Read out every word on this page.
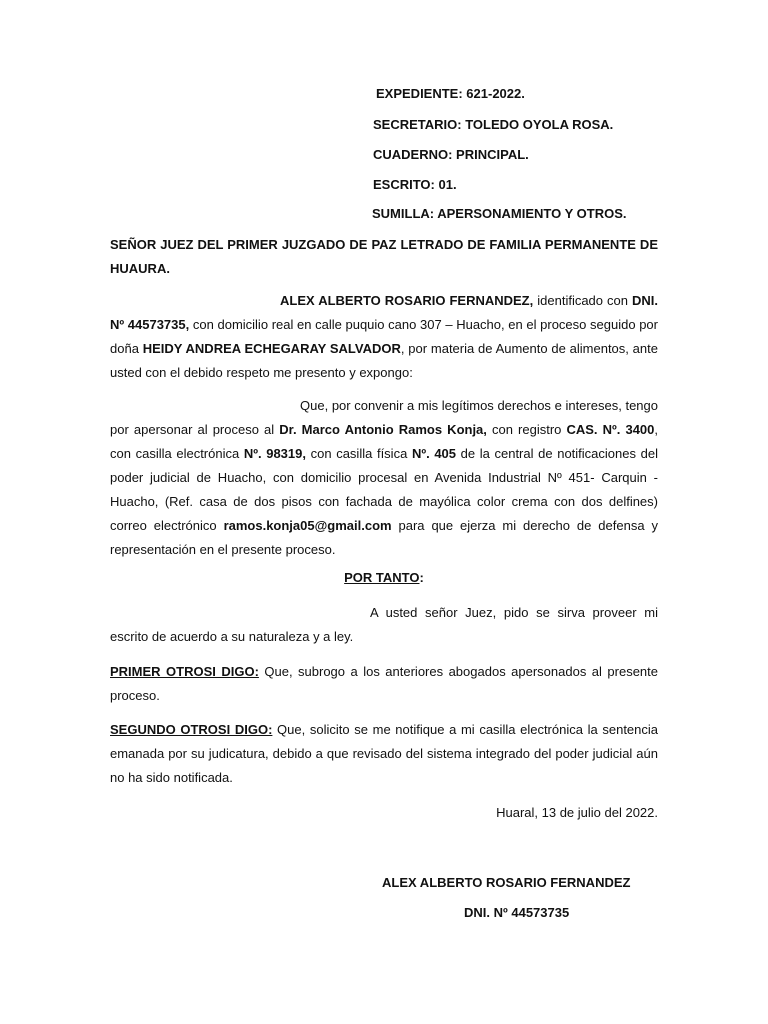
EXPEDIENTE: 621-2022.
SECRETARIO: TOLEDO OYOLA ROSA.
CUADERNO: PRINCIPAL.
ESCRITO: 01.
SUMILLA: APERSONAMIENTO Y OTROS.
SEÑOR JUEZ DEL PRIMER JUZGADO DE PAZ LETRADO DE FAMILIA PERMANENTE DE HUAURA.
ALEX ALBERTO ROSARIO FERNANDEZ, identificado con DNI. Nº 44573735, con domicilio real en calle puquio cano 307 – Huacho, en el proceso seguido por doña HEIDY ANDREA ECHEGARAY SALVADOR, por materia de Aumento de alimentos, ante usted con el debido respeto me presento y expongo:
Que, por convenir a mis legítimos derechos e intereses, tengo por apersonar al proceso al Dr. Marco Antonio Ramos Konja, con registro CAS. Nº. 3400, con casilla electrónica Nº. 98319, con casilla física Nº. 405 de la central de notificaciones del poder judicial de Huacho, con domicilio procesal en Avenida Industrial Nº 451- Carquin - Huacho, (Ref. casa de dos pisos con fachada de mayólica color crema con dos delfines) correo electrónico ramos.konja05@gmail.com para que ejerza mi derecho de defensa y representación en el presente proceso.
POR TANTO:
A usted señor Juez, pido se sirva proveer mi escrito de acuerdo a su naturaleza y a ley.
PRIMER OTROSI DIGO: Que, subrogo a los anteriores abogados apersonados al presente proceso.
SEGUNDO OTROSI DIGO: Que, solicito se me notifique a mi casilla electrónica la sentencia emanada por su judicatura, debido a que revisado del sistema integrado del poder judicial aún no ha sido notificada.
Huaral, 13 de julio del 2022.
ALEX ALBERTO ROSARIO FERNANDEZ
DNI. Nº 44573735
